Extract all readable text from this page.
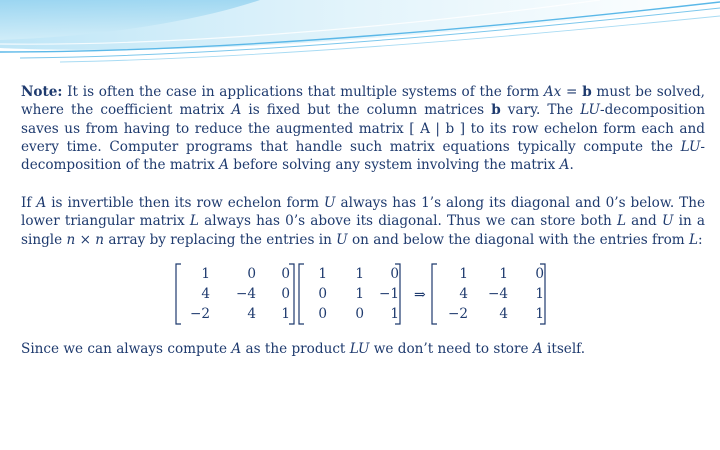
Note: It is often the case in applications that multiple systems of the form Ax = b must be solved, where the coefficient matrix A is fixed but the column matrices b vary. The LU-decomposition saves us from having to reduce the augmented matrix [ A | b ] to its row echelon form each and every time. Computer programs that handle such matrix equations typically compute the LU-decomposition of the matrix A before solving any system involving the matrix A.

If A is invertible then its row echelon form U always has 1’s along its diagonal and 0’s below. The lower triangular matrix L always has 0’s above its diagonal. Thus we can store both L and U in a single n × n array by replacing the entries in U on and below the diagonal with the entries from L:

1	0	0
4	−4	0
−2	4	1
1	1	0
0	1	−1
0	0	1
⇒
1	1	0
4	−4	1
−2	4	1

Since we can always compute A as the product LU we don’t need to store A itself.
